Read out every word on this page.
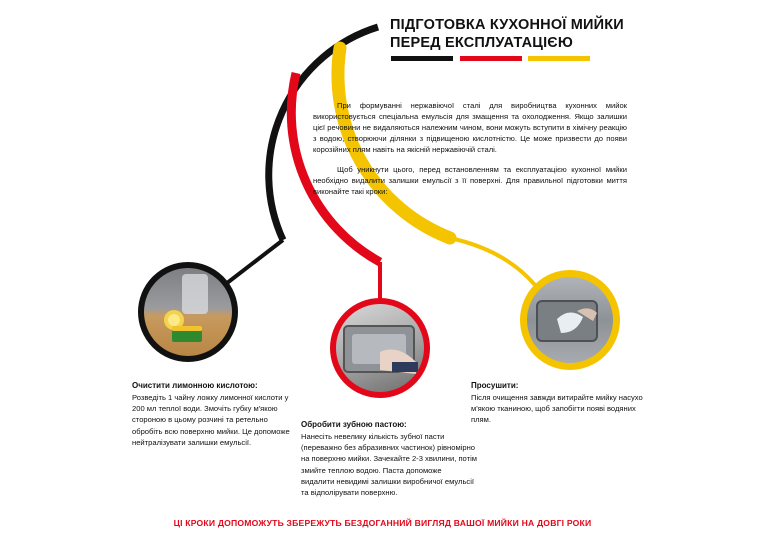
ПІДГОТОВКА КУХОННОЇ МИЙКИ
ПЕРЕД ЕКСПЛУАТАЦІЄЮ

При формуванні нержавіючої сталі для виробництва кухонних мийок використовується спеціальна емульсія для змащення та охолодження. Якщо залишки цієї речовини не видаляються належним чином, вони можуть вступити в хімічну реакцію з водою, створюючи ділянки з підвищеною кислотністю. Це може призвести до появи корозійних плям навіть на якісній нержавіючій сталі.

Щоб уникнути цього, перед встановленням та експлуатацією кухонної мийки необхідно видалити залишки емульсії з її поверхні. Для правильної підготовки миття виконайте такі кроки:

Очистити лимонною кислотою:
Розведіть 1 чайну ложку лимонної кислоти у 200 мл теплої води. Змочіть губку м'якою стороною в цьому розчині та ретельно обробіть всю поверхню мийки. Це допоможе нейтралізувати залишки емульсії.
Обробити зубною пастою:
Нанесіть невелику кількість зубної пасти (переважно без абразивних частинок) рівномірно на поверхню мийки. Зачекайте 2-3 хвилини, потім змийте теплою водою. Паста допоможе видалити невидимі залишки виробничої емульсії та відполірувати поверхню.
Просушити:
Після очищення завжди витирайте мийку насухо м'якою тканиною, щоб запобігти появі водяних плям.
ЦІ КРОКИ ДОПОМОЖУТЬ ЗБЕРЕЖУТЬ БЕЗДОГАННИЙ ВИГЛЯД ВАШОЇ МИЙКИ НА ДОВГІ РОКИ
